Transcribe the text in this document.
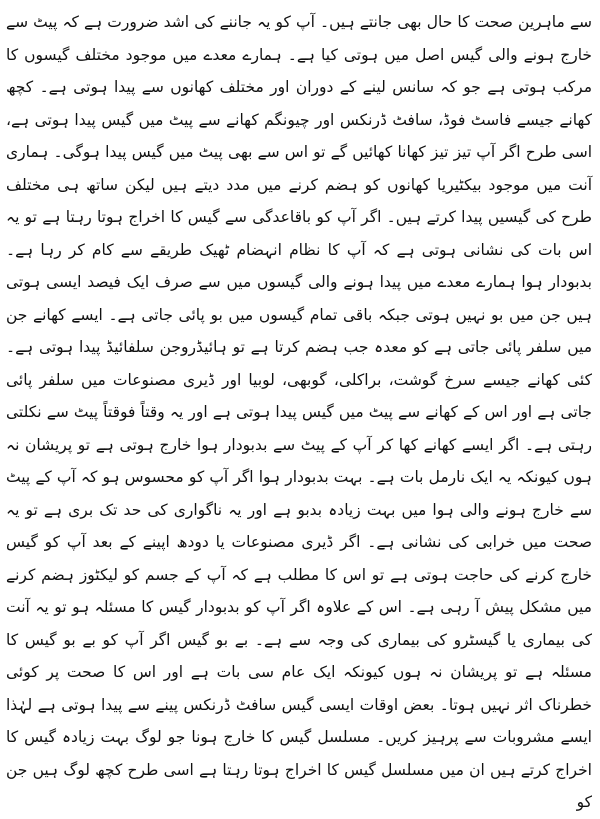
سے ماہرین صحت کا حال بھی جانتے ہیں۔ آپ کو یہ جاننے کی اشد ضرورت ہے کہ پیٹ سے خارج ہونے والی گیس اصل میں ہوتی کیا ہے۔ ہمارے معدے میں موجود مختلف گیسوں کا مرکب ہوتی ہے جو کہ سانس لینے کے دوران اور مختلف کھانوں سے پیدا ہوتی ہے۔ کچھ کھانے جیسے فاسٹ فوڈ، سافٹ ڈرنکس اور چیونگم کھانے سے پیٹ میں گیس پیدا ہوتی ہے، اسی طرح اگر آپ تیز تیز کھانا کھائیں گے تو اس سے بھی پیٹ میں گیس پیدا ہوگی۔ ہماری آنت میں موجود بیکٹیریا کھانوں کو ہضم کرنے میں مدد دیتے ہیں لیکن ساتھ ہی مختلف طرح کی گیسیں پیدا کرتے ہیں۔ اگر آپ کو باقاعدگی سے گیس کا اخراج ہوتا رہتا ہے تو یہ اس بات کی نشانی ہوتی ہے کہ آپ کا نظام انہضام ٹھیک طریقے سے کام کر رہا ہے۔ بدبودار ہوا ہمارے معدے میں پیدا ہونے والی گیسوں میں سے صرف ایک فیصد ایسی ہوتی ہیں جن میں بو نہیں ہوتی جبکہ باقی تمام گیسوں میں بو پائی جاتی ہے۔ ایسے کھانے جن میں سلفر پائی جاتی ہے کو معدہ جب ہضم کرتا ہے تو ہائیڈروجن سلفائیڈ پیدا ہوتی ہے۔ کئی کھانے جیسے سرخ گوشت، براکلی، گوبھی، لوبیا اور ڈیری مصنوعات میں سلفر پائی جاتی ہے اور اس کے کھانے سے پیٹ میں گیس پیدا ہوتی ہے اور یہ وقتاً فوقتاً پیٹ سے نکلتی رہتی ہے۔ اگر ایسے کھانے کھا کر آپ کے پیٹ سے بدبودار ہوا خارج ہوتی ہے تو پریشان نہ ہوں کیونکہ یہ ایک نارمل بات ہے۔ بہت بدبودار ہوا اگر آپ کو محسوس ہو کہ آپ کے پیٹ سے خارج ہونے والی ہوا میں بہت زیادہ بدبو ہے اور یہ ناگواری کی حد تک بری ہے تو یہ صحت میں خرابی کی نشانی ہے۔ اگر ڈیری مصنوعات یا دودھ اپینے کے بعد آپ کو گیس خارج کرنے کی حاجت ہوتی ہے تو اس کا مطلب ہے کہ آپ کے جسم کو لیکٹوز ہضم کرنے میں مشکل پیش آ رہی ہے۔ اس کے علاوہ اگر آپ کو بدبودار گیس کا مسئلہ ہو تو یہ آنت کی بیماری یا گیسٹرو کی بیماری کی وجہ سے ہے۔ بے بو گیس اگر آپ کو بے بو گیس کا مسئلہ ہے تو پریشان نہ ہوں کیونکہ ایک عام سی بات ہے اور اس کا صحت پر کوئی خطرناک اثر نہیں ہوتا۔ بعض اوقات ایسی گیس سافٹ ڈرنکس پینے سے پیدا ہوتی ہے لہٰذا ایسے مشروبات سے پرہیز کریں۔ مسلسل گیس کا خارج ہونا جو لوگ بہت زیادہ گیس کا اخراج کرتے ہیں ان میں مسلسل گیس کا اخراج ہوتا رہتا ہے اسی طرح کچھ لوگ ہیں جن کو
